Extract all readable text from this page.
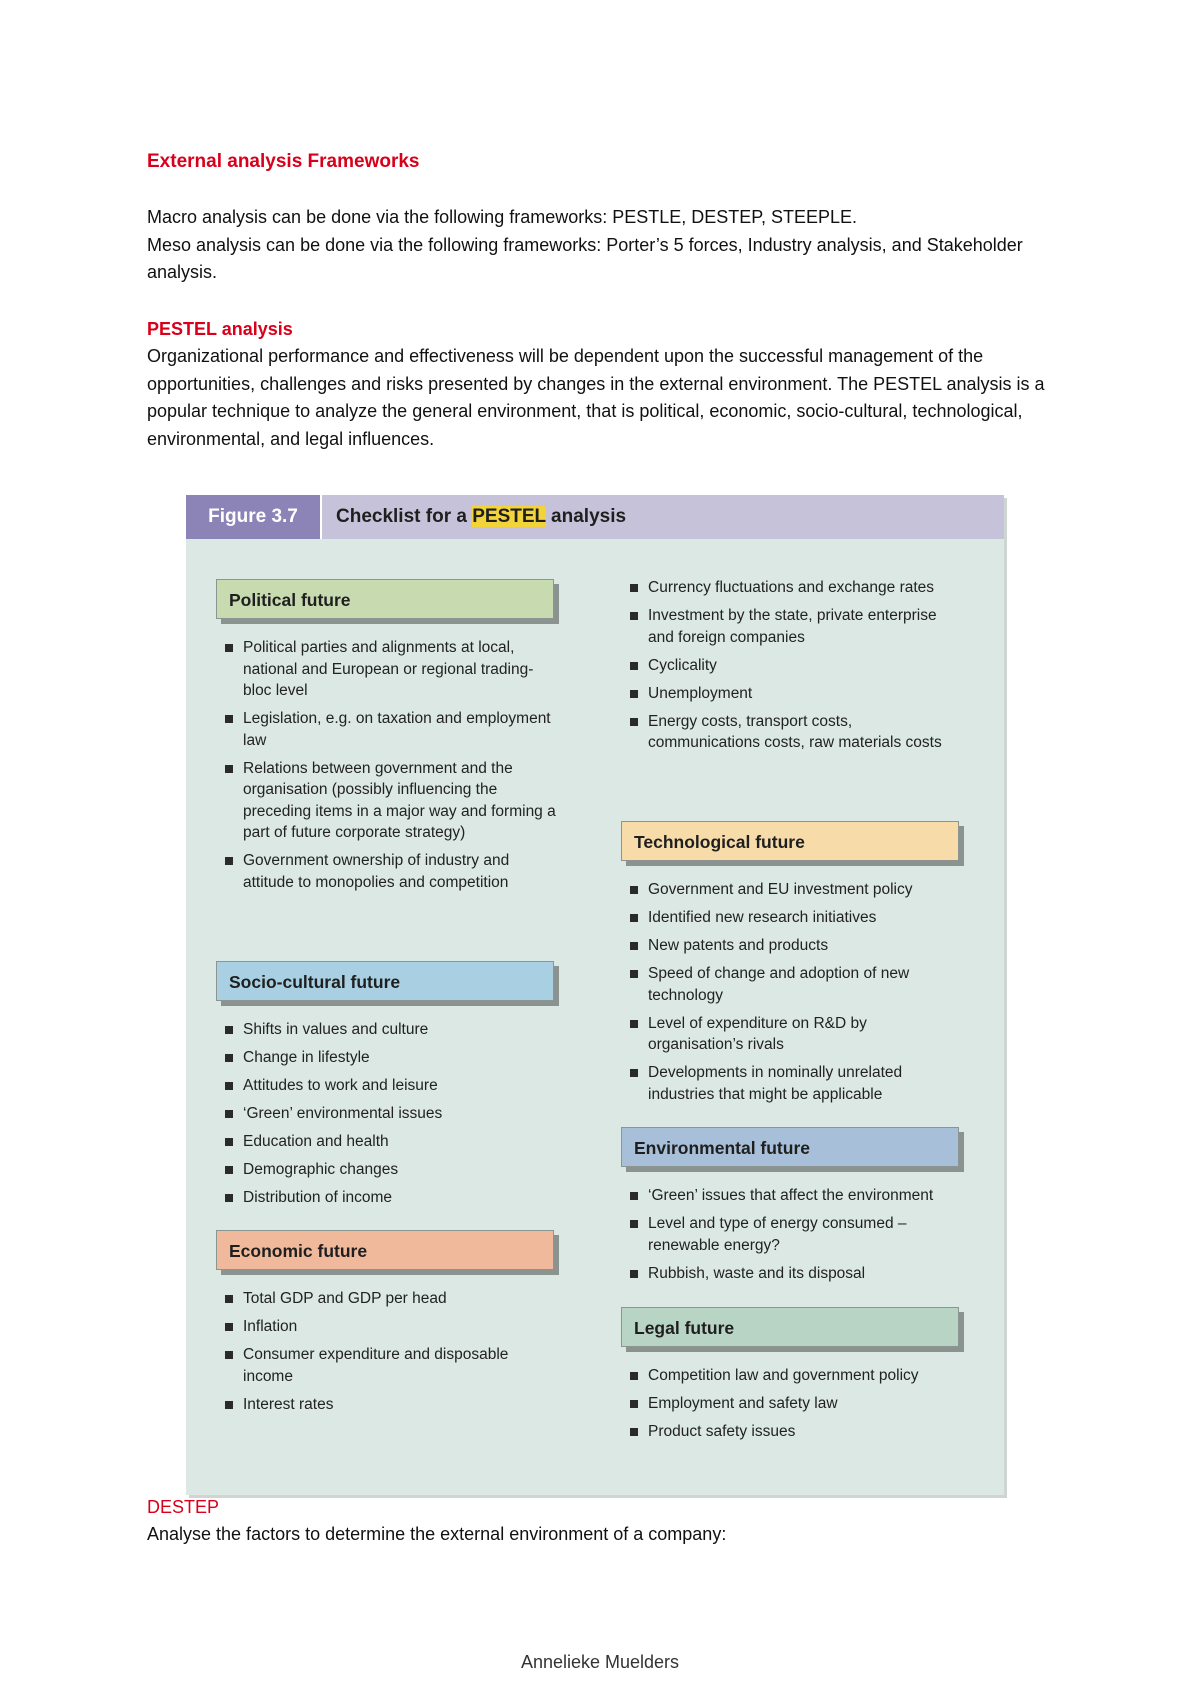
External analysis Frameworks

Macro analysis can be done via the following frameworks: PESTLE, DESTEP, STEEPLE.

Meso analysis can be done via the following frameworks: Porter’s 5 forces, Industry analysis, and Stakeholder analysis.

PESTEL analysis

Organizational performance and effectiveness will be dependent upon the successful management of the opportunities, challenges and risks presented by changes in the external environment. The PESTEL analysis is a popular technique to analyze the general environment, that is political, economic, socio-cultural, technological, environmental, and legal influences.

Figure 3.7	Checklist for a PESTEL analysis
Political future
Political parties and alignments at local, national and European or regional trading-bloc level
Legislation, e.g. on taxation and employment law
Relations between government and the organisation (possibly influencing the preceding items in a major way and forming a part of future corporate strategy)
Government ownership of industry and attitude to monopolies and competition
Socio-cultural future
Shifts in values and culture
Change in lifestyle
Attitudes to work and leisure
‘Green’ environmental issues
Education and health
Demographic changes
Distribution of income
Economic future
Total GDP and GDP per head
Inflation
Consumer expenditure and disposable income
Interest rates
Currency fluctuations and exchange rates
Investment by the state, private enterprise and foreign companies
Cyclicality
Unemployment
Energy costs, transport costs, communications costs, raw materials costs
Technological future
Government and EU investment policy
Identified new research initiatives
New patents and products
Speed of change and adoption of new technology
Level of expenditure on R&D by organisation’s rivals
Developments in nominally unrelated industries that might be applicable
Environmental future
‘Green’ issues that affect the environment
Level and type of energy consumed – renewable energy?
Rubbish, waste and its disposal
Legal future
Competition law and government policy
Employment and safety law
Product safety issues
DESTEP
Analyse the factors to determine the external environment of a company:
Annelieke Muelders
